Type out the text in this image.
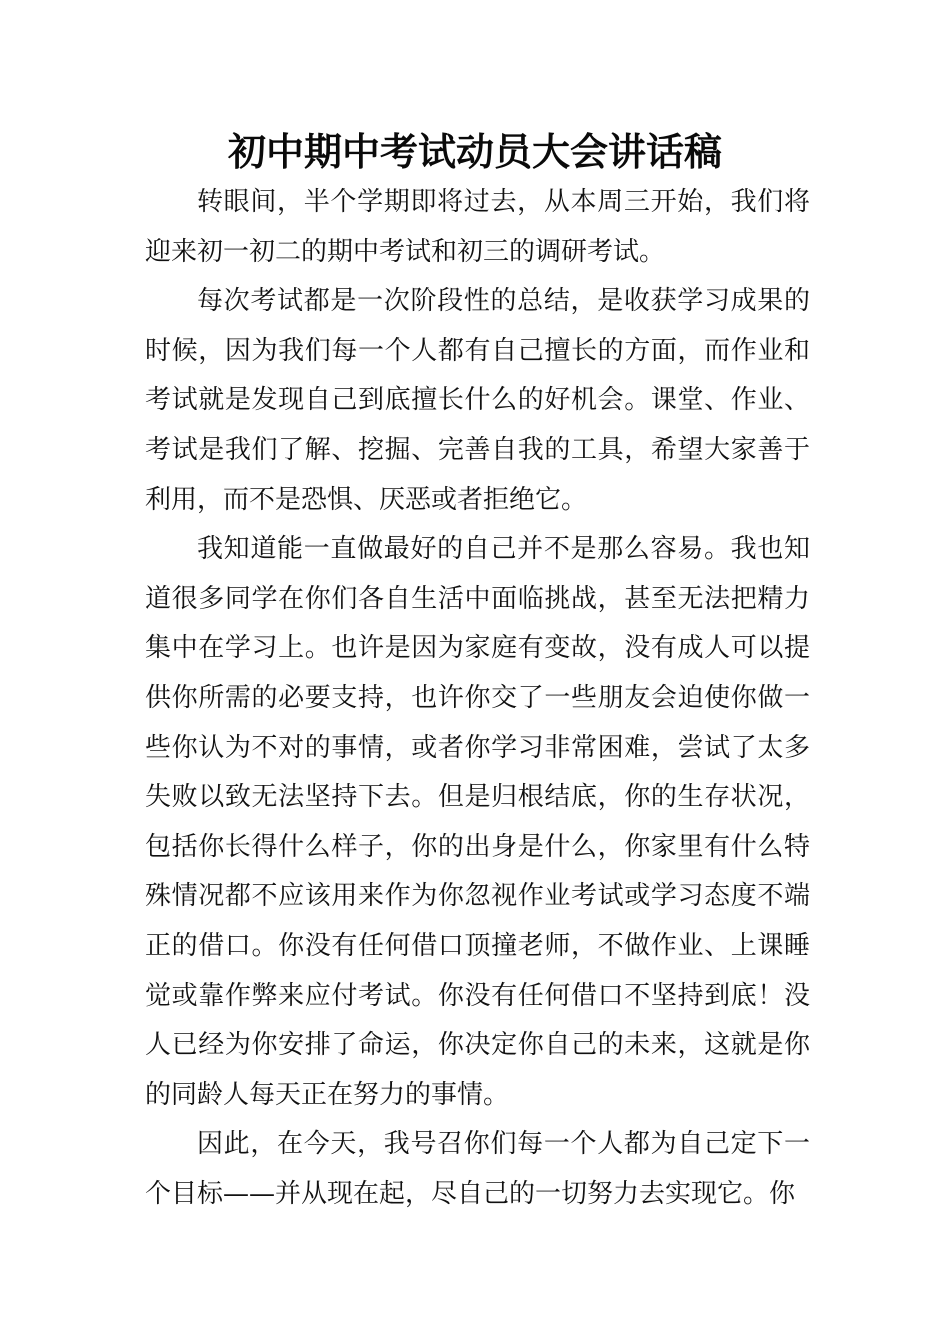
初中期中考试动员大会讲话稿

转眼间，半个学期即将过去，从本周三开始，我们将迎来初一初二的期中考试和初三的调研考试。

每次考试都是一次阶段性的总结，是收获学习成果的时候，因为我们每一个人都有自己擅长的方面，而作业和考试就是发现自己到底擅长什么的好机会。课堂、作业、考试是我们了解、挖掘、完善自我的工具，希望大家善于利用，而不是恐惧、厌恶或者拒绝它。

我知道能一直做最好的自己并不是那么容易。我也知道很多同学在你们各自生活中面临挑战，甚至无法把精力集中在学习上。也许是因为家庭有变故，没有成人可以提供你所需的必要支持，也许你交了一些朋友会迫使你做一些你认为不对的事情，或者你学习非常困难，尝试了太多失败以致无法坚持下去。但是归根结底，你的生存状况，包括你长得什么样子，你的出身是什么，你家里有什么特殊情况都不应该用来作为你忽视作业考试或学习态度不端正的借口。你没有任何借口顶撞老师，不做作业、上课睡觉或靠作弊来应付考试。你没有任何借口不坚持到底！没人已经为你安排了命运，你决定你自己的未来，这就是你的同龄人每天正在努力的事情。

因此，在今天，我号召你们每一个人都为自己定下一个目标——并从现在起，尽自己的一切努力去实现它。你
